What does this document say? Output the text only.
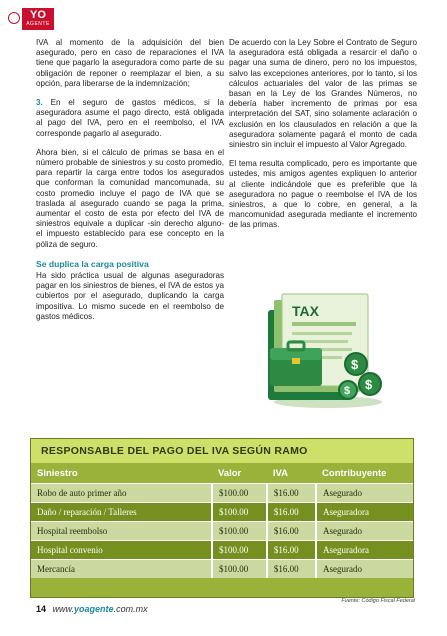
YO
AGENTE

IVA al momento de la adquisición del bien asegurado, pero en caso de reparaciones el IVA tiene que pagarlo la aseguradora como parte de su obligación de reponer o reemplazar el bien, a su opción, para liberarse de la indemnización;

3. En el seguro de gastos médicos, si la aseguradora asume el pago directo, está obligada al pago del IVA, pero en el reembolso, el IVA corresponde pagarlo al asegurado.

Ahora bien, si el cálculo de primas se basa en el número probable de siniestros y su costo promedio, para repartir la carga entre todos los asegurados que conforman la comunidad mancomunada, su costo promedio incluye el pago de IVA que se traslada al asegurado cuando se paga la prima, aumentar el costo de esta por efecto del IVA de siniestros equivale a duplicar -sin derecho alguno- el impuesto establecido para ese concepto en la póliza de seguro.

Se duplica la carga positiva

Ha sido práctica usual de algunas aseguradoras pagar en los siniestros de bienes, el IVA de estos ya cubiertos por el asegurado, duplicando la carga impositiva. Lo mismo sucede en el reembolso de gastos médicos.

De acuerdo con la Ley Sobre el Contrato de Seguro la aseguradora está obligada a resarcir el daño o pagar una suma de dinero, pero no los impuestos, salvo las excepciones anteriores, por lo tanto, si los cálculos actuariales del valor de las primas se basan en la Ley de los Grandes Números, no debería haber incremento de primas por esa interpretación del SAT, sino solamente aclaración o exclusión en los clausulados en relación a que la aseguradora solamente pagará el monto de cada siniestro sin incluir el impuesto al Valor Agregado.

El tema resulta complicado, pero es importante que ustedes, mis amigos agentes expliquen lo anterior al cliente indicándole que es preferible que la aseguradora no pague o reembolse el IVA de los siniestros, a que lo cobre, en general, a la mancomunidad asegurada mediante el incremento de las primas.

TAX
$
$
$
RESPONSABLE DEL PAGO DEL IVA SEGÚN RAMO
Siniestro	Valor	IVA	Contribuyente
Robo de auto primer año	$100.00	$16.00	Asegurado
Daño / reparación / Talleres	$100.00	$16.00	Aseguradora
Hospital reembolso	$100.00	$16.00	Asegurado
Hospital convenio	$100.00	$16.00	Aseguradora
Mercancía	$100.00	$16.00	Asegurado
Fuente: Código Fiscal Federal
14 www.yoagente.com.mx
